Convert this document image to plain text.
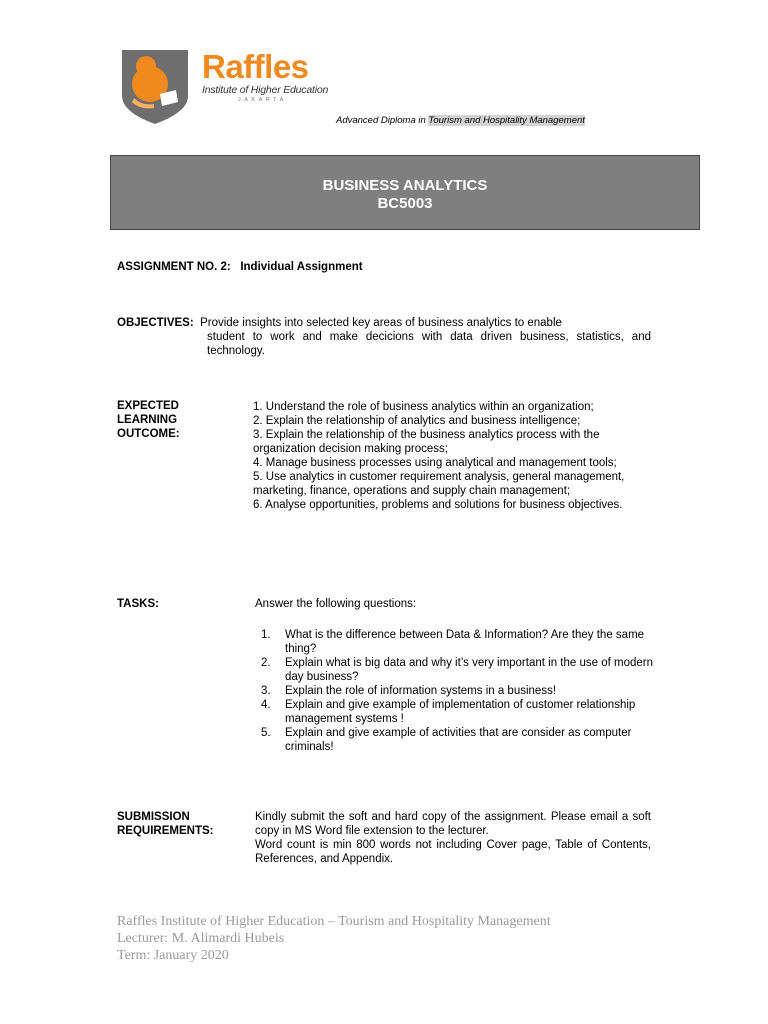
Raffles
Institute of Higher Education
JAKARTA
Advanced Diploma in Tourism and Hospitality Management
BUSINESS ANALYTICS
BC5003
ASSIGNMENT NO. 2: Individual Assignment

OBJECTIVES: Provide insights into selected key areas of business analytics to enable

student to work and make decicions with data driven business, statistics, and technology.

EXPECTED
LEARNING
OUTCOME:
1. Understand the role of business analytics within an organization;
2. Explain the relationship of analytics and business intelligence;
3. Explain the relationship of the business analytics process with the organization decision making process;
4. Manage business processes using analytical and management tools;
5. Use analytics in customer requirement analysis, general management, marketing, finance, operations and supply chain management;
6. Analyse opportunities, problems and solutions for business objectives.
TASKS:	Answer the following questions:
1.	What is the difference between Data & Information? Are they the same thing?
2.	Explain what is big data and why it’s very important in the use of modern day business?
3.	Explain the role of information systems in a business!
4.	Explain and give example of implementation of customer relationship management systems !
5.	Explain and give example of activities that are consider as computer criminals!
SUBMISSION
REQUIREMENTS:

Kindly submit the soft and hard copy of the assignment. Please email a soft copy in MS Word file extension to the lecturer.

Word count is min 800 words not including Cover page, Table of Contents, References, and Appendix.

Raffles Institute of Higher Education – Tourism and Hospitality Management
Lecturer: M. Alimardi Hubeis
Term: January 2020
